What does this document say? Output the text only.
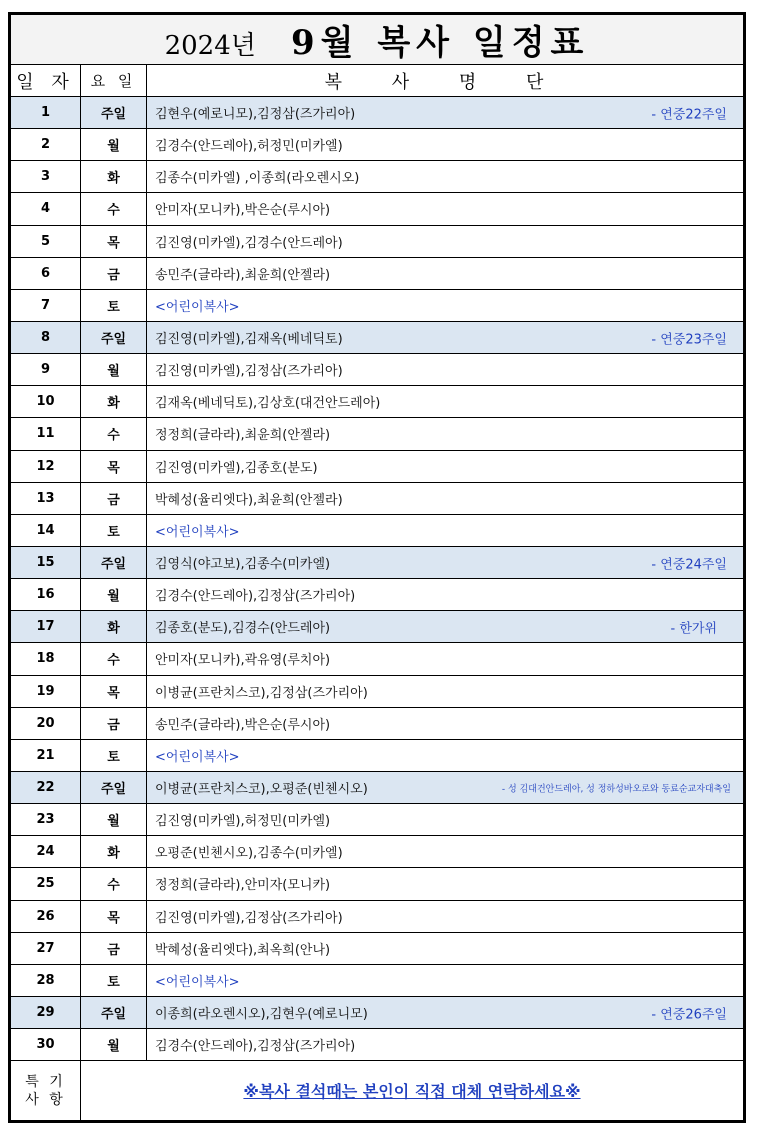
2024년 9월 복사 일정표		
일 자	요 일	복 사 명 단
1	주일	김현우(예로니모),김정삼(즈가리아) - 연중22주일

2	월	김경수(안드레아),허정민(미카엘)
3	화	김종수(미카엘) ,이종희(라오렌시오)
4	수	안미자(모니카),박은순(루시아)
5	목	김진영(미카엘),김경수(안드레아)
6	금	송민주(글라라),최윤희(안젤라)
7	토	<어린이복사>
8	주일	김진영(미카엘),김재옥(베네딕토) - 연중23주일

9	월	김진영(미카엘),김정삼(즈가리아)
10	화	김재옥(베네딕토),김상호(대건안드레아)
11	수	정정희(글라라),최윤희(안젤라)
12	목	김진영(미카엘),김종호(분도)
13	금	박혜성(율리엣다),최윤희(안젤라)
14	토	<어린이복사>
15	주일	김영식(야고보),김종수(미카엘) - 연중24주일

16	월	김경수(안드레아),김정삼(즈가리아)
17	화	김종호(분도),김경수(안드레아) - 한가위

18	수	안미자(모니카),곽유영(루치아)
19	목	이병균(프란치스코),김정삼(즈가리아)
20	금	송민주(글라라),박은순(루시아)
21	토	<어린이복사>
22	주일	이병균(프란치스코),오평준(빈첸시오) - 성 김대건안드레아, 성 정하성바오로와 동료순교자대축일

23	월	김진영(미카엘),허정민(미카엘)
24	화	오평준(빈첸시오),김종수(미카엘)
25	수	정정희(글라라),안미자(모니카)
26	목	김진영(미카엘),김정삼(즈가리아)
27	금	박혜성(율리엣다),최옥희(안나)
28	토	<어린이복사>
29	주일	이종희(라오렌시오),김현우(예로니모) - 연중26주일

30	월	김경수(안드레아),김정삼(즈가리아)

특 기
사 항	※복사 결석때는 본인이 직접 대체 연락하세요※	
